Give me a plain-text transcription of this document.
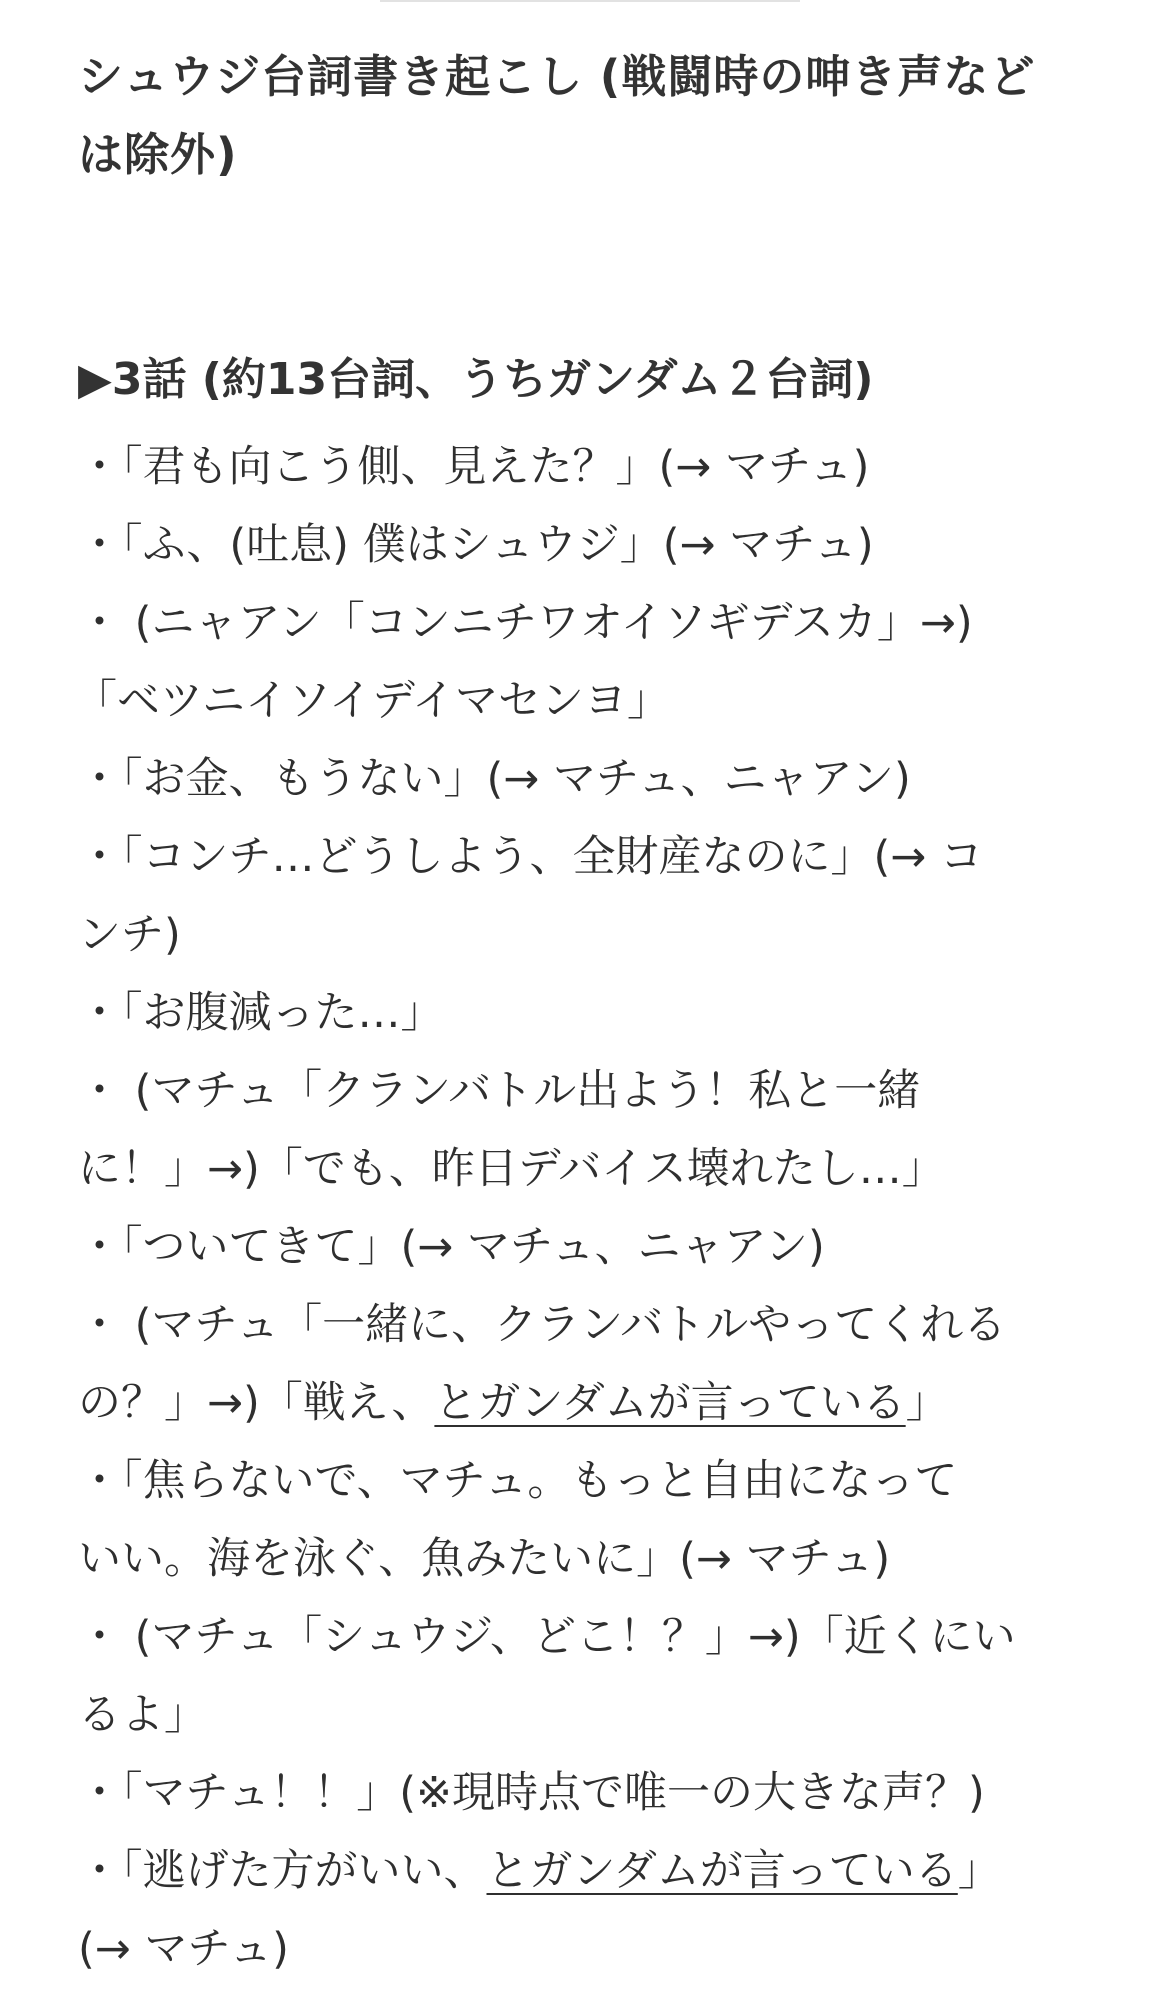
シュウジ台詞書き起こし (戦闘時の呻き声など
は除外)
▶3話 (約13台詞、うちガンダム２台詞)
・「君も向こう側、見えた？」(→ マチュ)
・「ふ、(吐息) 僕はシュウジ」(→ マチュ)
・ (ニャアン「コンニチワオイソギデスカ」→)
「ベツニイソイデイマセンヨ」
・「お金、もうない」(→ マチュ、ニャアン)
・「コンチ…どうしよう、全財産なのに」(→ コ
ンチ)
・「お腹減った…」
・ (マチュ「クランバトル出よう！私と一緒
に！」→)「でも、昨日デバイス壊れたし…」
・「ついてきて」(→ マチュ、ニャアン)
・ (マチュ「一緒に、クランバトルやってくれる
の？」→)「戦え、とガンダムが言っている」
・「焦らないで、マチュ。もっと自由になって
いい。海を泳ぐ、魚みたいに」(→ マチュ)
・ (マチュ「シュウジ、どこ！？」→)「近くにい
るよ」
・「マチュ！！」(※現時点で唯一の大きな声？)
・「逃げた方がいい、とガンダムが言っている」
(→ マチュ)
